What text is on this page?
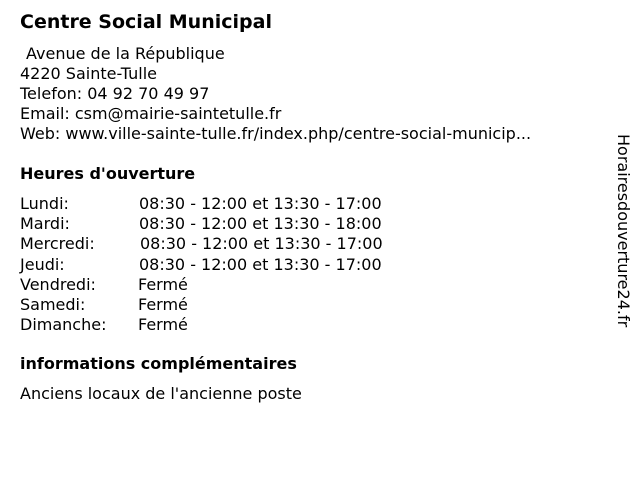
Centre Social Municipal
Avenue de la République
4220 Sainte-Tulle
Telefon: 04 92 70 49 97
Email: csm@mairie-saintetulle.fr
Web: www.ville-sainte-tulle.fr/index.php/centre-social-municip...
Heures d'ouverture
Lundi:	08:30 - 12:00 et 13:30 - 17:00
Mardi:	08:30 - 12:00 et 13:30 - 18:00
Mercredi:	08:30 - 12:00 et 13:30 - 17:00
Jeudi:	08:30 - 12:00 et 13:30 - 17:00
Vendredi:	Fermé
Samedi:	Fermé
Dimanche: Fermé
informations complémentaires
Anciens locaux de l'ancienne poste
Horairesdouverture24.fr
